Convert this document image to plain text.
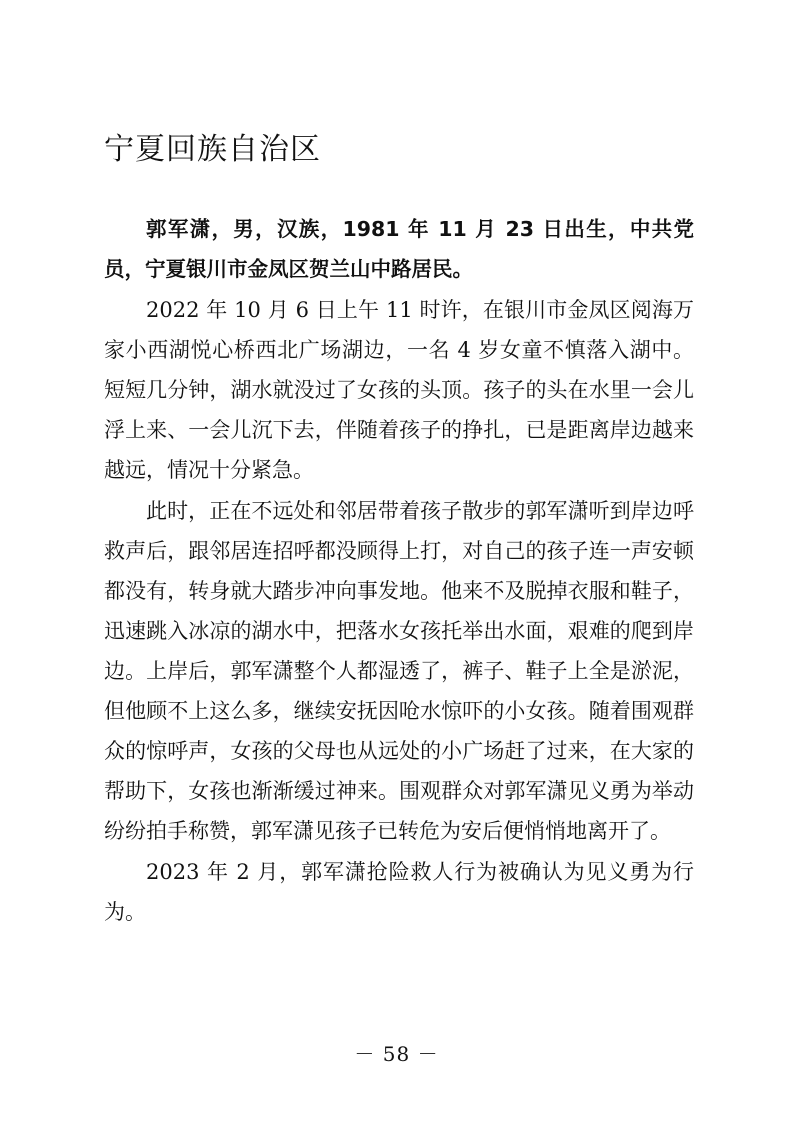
宁夏回族自治区

郭军潇，男，汉族，1981 年 11 月 23 日出生，中共党员，宁夏银川市金凤区贺兰山中路居民。

2022 年 10 月 6 日上午 11 时许，在银川市金凤区阅海万家小西湖悦心桥西北广场湖边，一名 4 岁女童不慎落入湖中。短短几分钟，湖水就没过了女孩的头顶。孩子的头在水里一会儿浮上来、一会儿沉下去，伴随着孩子的挣扎，已是距离岸边越来越远，情况十分紧急。

此时，正在不远处和邻居带着孩子散步的郭军潇听到岸边呼救声后，跟邻居连招呼都没顾得上打，对自己的孩子连一声安顿都没有，转身就大踏步冲向事发地。他来不及脱掉衣服和鞋子，迅速跳入冰凉的湖水中，把落水女孩托举出水面，艰难的爬到岸边。上岸后，郭军潇整个人都湿透了，裤子、鞋子上全是淤泥，但他顾不上这么多，继续安抚因呛水惊吓的小女孩。随着围观群众的惊呼声，女孩的父母也从远处的小广场赶了过来，在大家的帮助下，女孩也渐渐缓过神来。围观群众对郭军潇见义勇为举动纷纷拍手称赞，郭军潇见孩子已转危为安后便悄悄地离开了。

2023 年 2 月，郭军潇抢险救人行为被确认为见义勇为行为。

－ 58 －
